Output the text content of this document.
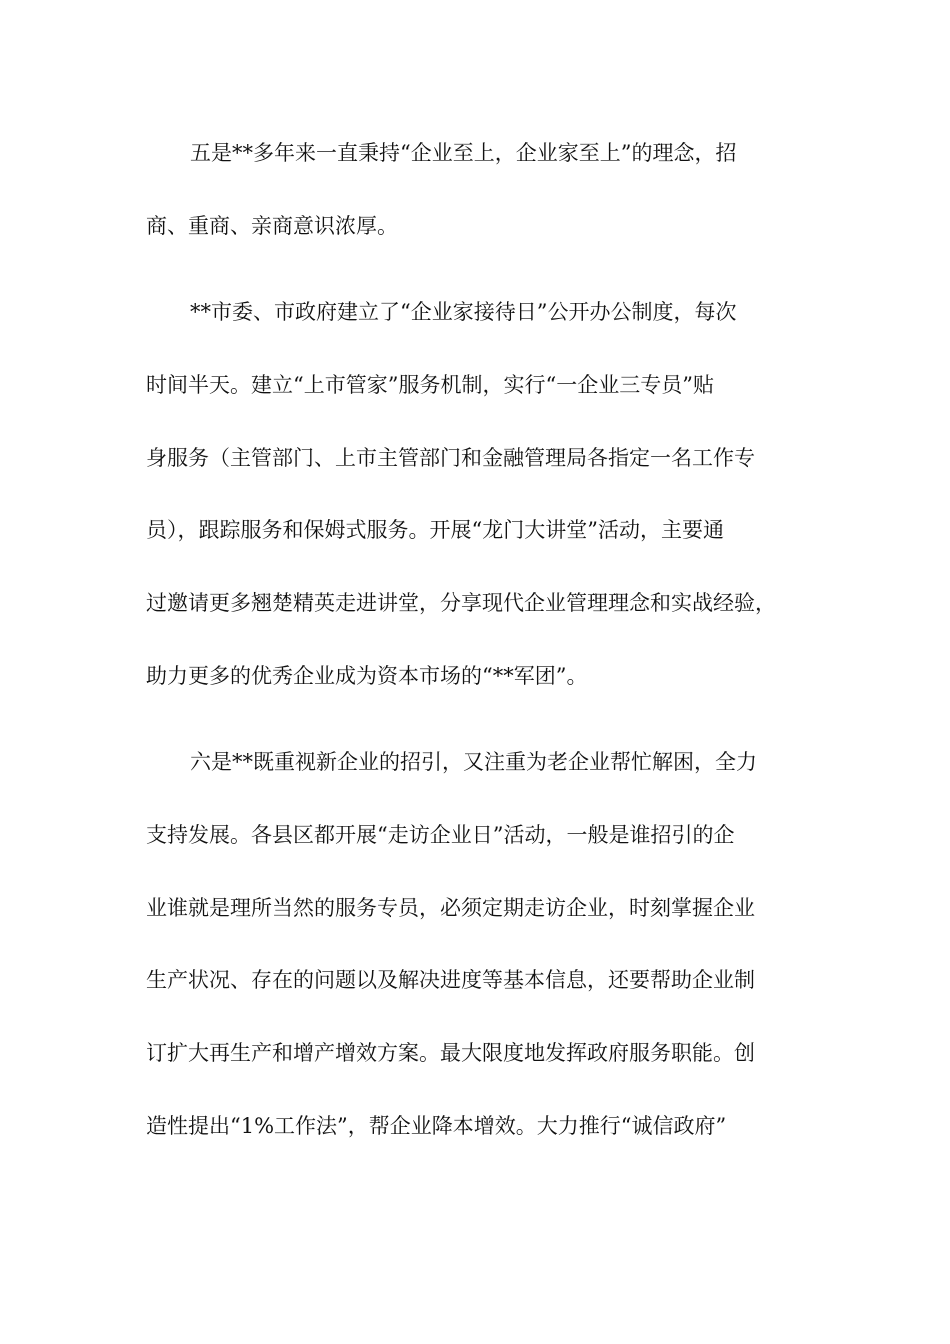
五是**多年来一直秉持“企业至上，企业家至上”的理念，招
商、重商、亲商意识浓厚。
**市委、市政府建立了“企业家接待日”公开办公制度，每次
时间半天。建立“上市管家”服务机制，实行“一企业三专员”贴
身服务（主管部门、上市主管部门和金融管理局各指定一名工作专
员），跟踪服务和保姆式服务。开展“龙门大讲堂”活动，主要通
过邀请更多翘楚精英走进讲堂，分享现代企业管理理念和实战经验，
助力更多的优秀企业成为资本市场的“**军团”。
六是**既重视新企业的招引，又注重为老企业帮忙解困，全力
支持发展。各县区都开展“走访企业日”活动，一般是谁招引的企
业谁就是理所当然的服务专员，必须定期走访企业，时刻掌握企业
生产状况、存在的问题以及解决进度等基本信息，还要帮助企业制
订扩大再生产和增产增效方案。最大限度地发挥政府服务职能。创
造性提出“1%工作法”，帮企业降本增效。大力推行“诚信政府”
